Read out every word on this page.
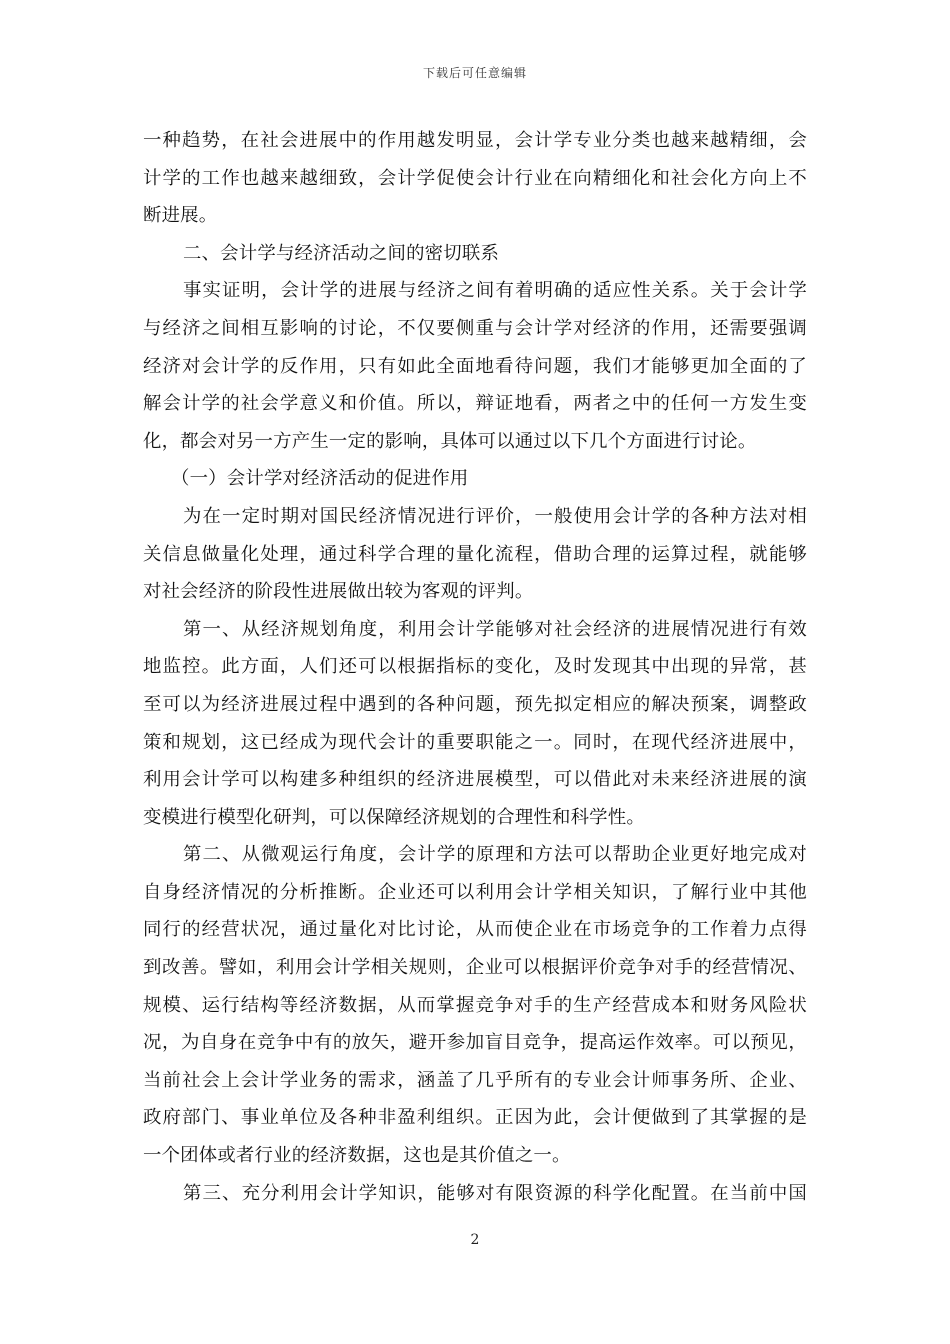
下载后可任意编辑
一种趋势，在社会进展中的作用越发明显，会计学专业分类也越来越精细，会
计学的工作也越来越细致，会计学促使会计行业在向精细化和社会化方向上不
断进展。
二、会计学与经济活动之间的密切联系
事实证明，会计学的进展与经济之间有着明确的适应性关系。关于会计学
与经济之间相互影响的讨论，不仅要侧重与会计学对经济的作用，还需要强调
经济对会计学的反作用，只有如此全面地看待问题，我们才能够更加全面的了
解会计学的社会学意义和价值。所以，辩证地看，两者之中的任何一方发生变
化，都会对另一方产生一定的影响，具体可以通过以下几个方面进行讨论。
（一）会计学对经济活动的促进作用
为在一定时期对国民经济情况进行评价，一般使用会计学的各种方法对相
关信息做量化处理，通过科学合理的量化流程，借助合理的运算过程，就能够
对社会经济的阶段性进展做出较为客观的评判。
第一、从经济规划角度，利用会计学能够对社会经济的进展情况进行有效
地监控。此方面，人们还可以根据指标的变化，及时发现其中出现的异常，甚
至可以为经济进展过程中遇到的各种问题，预先拟定相应的解决预案，调整政
策和规划，这已经成为现代会计的重要职能之一。同时，在现代经济进展中，
利用会计学可以构建多种组织的经济进展模型，可以借此对未来经济进展的演
变模进行模型化研判，可以保障经济规划的合理性和科学性。
第二、从微观运行角度，会计学的原理和方法可以帮助企业更好地完成对
自身经济情况的分析推断。企业还可以利用会计学相关知识，了解行业中其他
同行的经营状况，通过量化对比讨论，从而使企业在市场竞争的工作着力点得
到改善。譬如，利用会计学相关规则，企业可以根据评价竞争对手的经营情况、
规模、运行结构等经济数据，从而掌握竞争对手的生产经营成本和财务风险状
况，为自身在竞争中有的放矢，避开参加盲目竞争，提高运作效率。可以预见，
当前社会上会计学业务的需求，涵盖了几乎所有的专业会计师事务所、企业、
政府部门、事业单位及各种非盈利组织。正因为此，会计便做到了其掌握的是
一个团体或者行业的经济数据，这也是其价值之一。
第三、充分利用会计学知识，能够对有限资源的科学化配置。在当前中国
2
